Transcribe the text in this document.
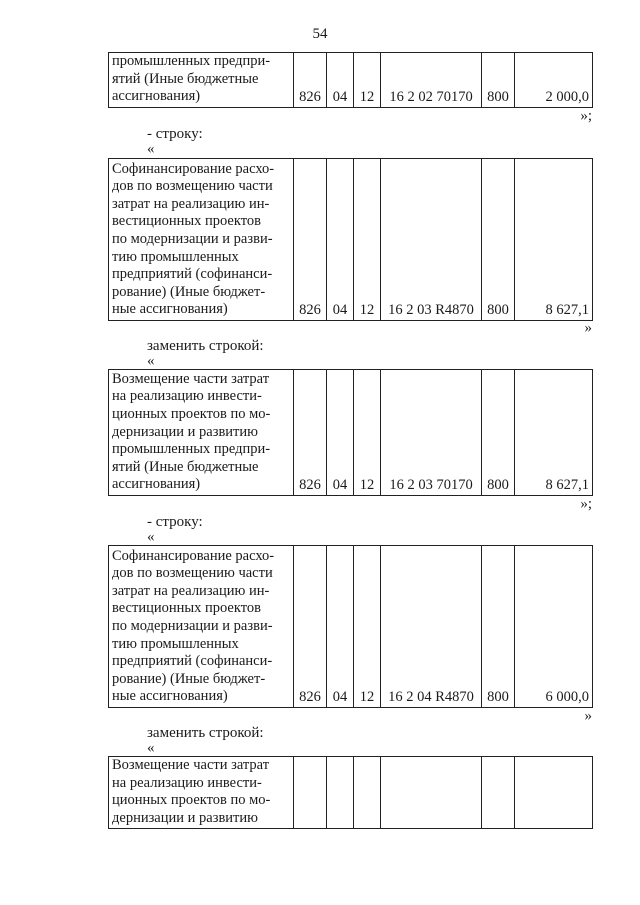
54
промышленных предпри-
ятий (Иные бюджетные
ассигнования)	826	04	12	16 2 02 70170	800	2 000,0
»;
- строку:
«
Софинансирование расхо-
дов по возмещению части
затрат на реализацию ин-
вестиционных проектов
по модернизации и разви-
тию промышленных
предприятий (софинанси-
рование) (Иные бюджет-
ные ассигнования)	826	04	12	16 2 03 R4870	800	8 627,1
»
заменить строкой:
«
Возмещение части затрат
на реализацию инвести-
ционных проектов по мо-
дернизации и развитию
промышленных предпри-
ятий (Иные бюджетные
ассигнования)	826	04	12	16 2 03 70170	800	8 627,1
»;
- строку:
«
Софинансирование расхо-
дов по возмещению части
затрат на реализацию ин-
вестиционных проектов
по модернизации и разви-
тию промышленных
предприятий (софинанси-
рование) (Иные бюджет-
ные ассигнования)	826	04	12	16 2 04 R4870	800	6 000,0
»
заменить строкой:
«
Возмещение части затрат
на реализацию инвести-
ционных проектов по мо-
дернизации и развитию
